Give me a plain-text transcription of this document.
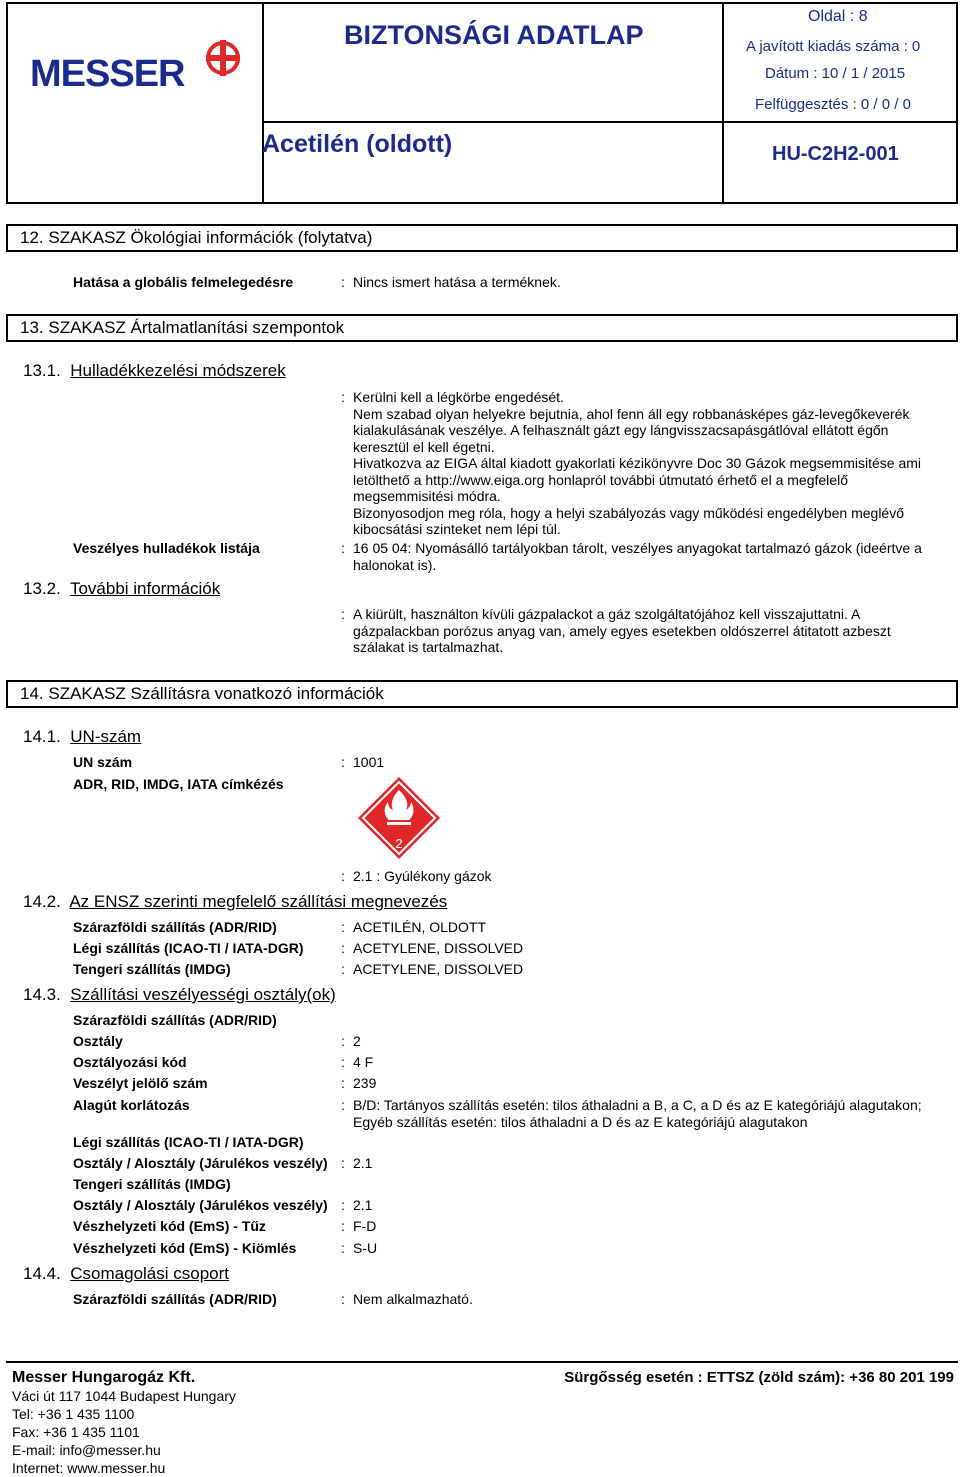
MESSER
BIZTONSÁGI ADATLAP
Acetilén (oldott)
Oldal : 8
A javított kiadás száma : 0
Dátum : 10 / 1 / 2015
Felfüggesztés : 0 / 0 / 0
HU-C2H2-001
12. SZAKASZ Ökológiai információk (folytatva)
Hatása a globális felmelegedésre	: Nincs ismert hatása a terméknek.
13. SZAKASZ Ártalmatlanítási szempontok
13.1. Hulladékkezelési módszerek
: Kerülni kell a légkörbe engedését.
Nem szabad olyan helyekre bejutnia, ahol fenn áll egy robbanásképes gáz-levegőkeverék
kialakulásának veszélye. A felhasznált gázt egy lángvisszacsapásgátlóval ellátott égőn
keresztül el kell égetni.
Hivatkozva az EIGA által kiadott gyakorlati kézikönyvre Doc 30 Gázok megsemmisitése ami
letölthető a http://www.eiga.org honlapról további útmutató érhető el a megfelelő
megsemmisitési módra.
Bizonyosodjon meg róla, hogy a helyi szabályozás vagy működési engedélyben meglévő
kibocsátási szinteket nem lépi túl.
Veszélyes hulladékok listája	: 16 05 04: Nyomásálló tartályokban tárolt, veszélyes anyagokat tartalmazó gázok (ideértve a
halonokat is).
13.2. További információk
: A kiürült, használton kívüli gázpalackot a gáz szolgáltatójához kell visszajuttatni. A
gázpalackban porózus anyag van, amely egyes esetekben oldószerrel átitatott azbeszt
szálakat is tartalmazhat.
14. SZAKASZ Szállításra vonatkozó információk
14.1. UN-szám
UN szám	: 1001
ADR, RID, IMDG, IATA címkézés
2
: 2.1 : Gyúlékony gázok
14.2. Az ENSZ szerinti megfelelő szállítási megnevezés
Szárazföldi szállítás (ADR/RID)	: ACETILÉN, OLDOTT
Légi szállítás (ICAO-TI / IATA-DGR)	: ACETYLENE, DISSOLVED
Tengeri szállítás (IMDG)	: ACETYLENE, DISSOLVED
14.3. Szállítási veszélyességi osztály(ok)
Szárazföldi szállítás (ADR/RID)
Osztály	: 2
Osztályozási kód	: 4 F
Veszélyt jelölő szám	: 239
Alagút korlátozás	: B/D: Tartányos szállítás esetén: tilos áthaladni a B, a C, a D és az E kategóriájú alagutakon;
Egyéb szállítás esetén: tilos áthaladni a D és az E kategóriájú alagutakon
Légi szállítás (ICAO-TI / IATA-DGR)
Osztály / Alosztály (Járulékos veszély) : 2.1
Tengeri szállítás (IMDG)
Osztály / Alosztály (Járulékos veszély) : 2.1
Vészhelyzeti kód (EmS) - Tűz	: F-D
Vészhelyzeti kód (EmS) - Kiömlés	: S-U
14.4. Csomagolási csoport
Szárazföldi szállítás (ADR/RID)	: Nem alkalmazható.
Messer Hungarogáz Kft.
Váci út 117 1044 Budapest Hungary
Tel: +36 1 435 1100
Fax: +36 1 435 1101
E-mail: info@messer.hu
Internet: www.messer.hu
Sürgősség esetén : ETTSZ (zöld szám): +36 80 201 199
